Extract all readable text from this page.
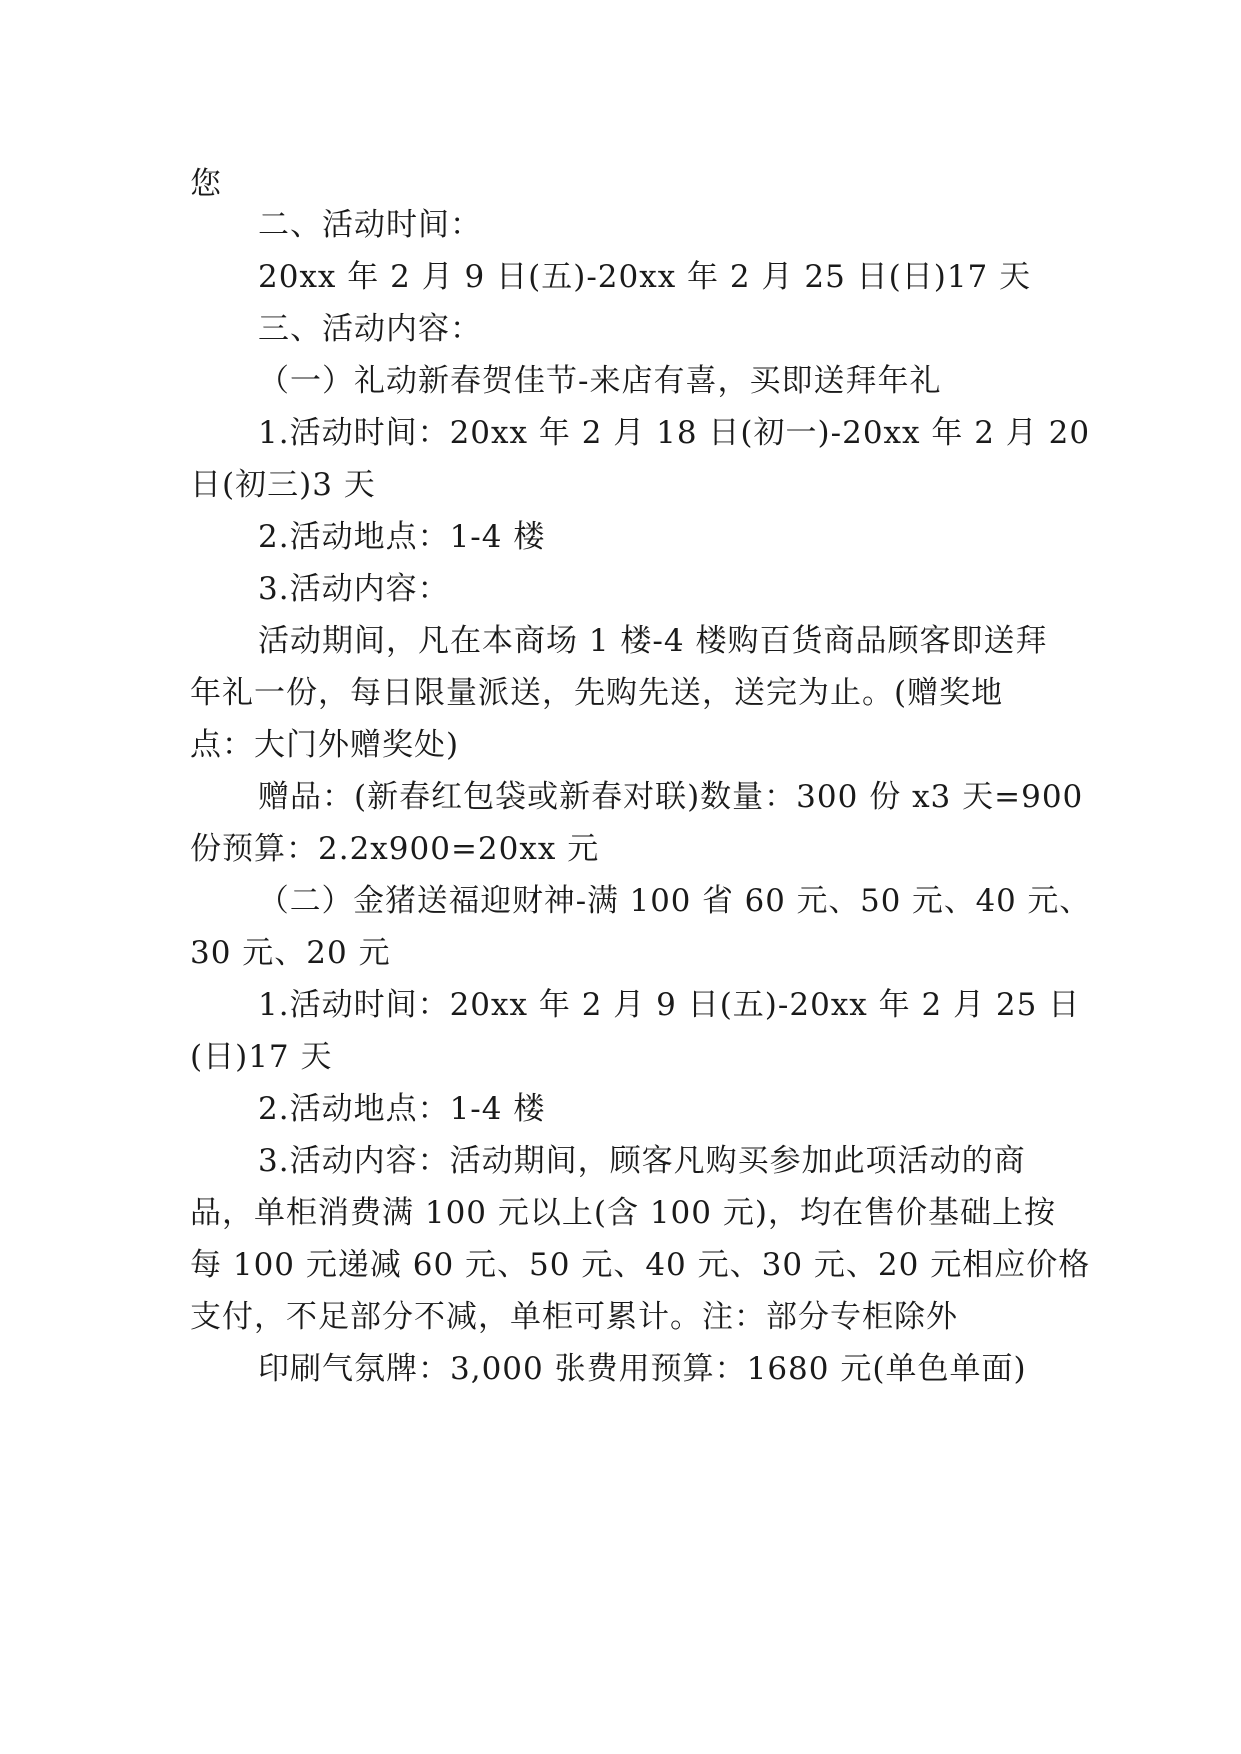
您
二、活动时间：
20xx 年 2 月 9 日(五)-20xx 年 2 月 25 日(日)17 天
三、活动内容：
（一）礼动新春贺佳节-来店有喜，买即送拜年礼
1.活动时间：20xx 年 2 月 18 日(初一)-20xx 年 2 月 20
日(初三)3 天
2.活动地点：1-4 楼
3.活动内容：
活动期间，凡在本商场 1 楼-4 楼购百货商品顾客即送拜
年礼一份，每日限量派送，先购先送，送完为止。(赠奖地
点：大门外赠奖处)
赠品：(新春红包袋或新春对联)数量：300 份 x3 天=900
份预算：2.2x900=20xx 元
（二）金猪送福迎财神-满 100 省 60 元、50 元、40 元、
30 元、20 元
1.活动时间：20xx 年 2 月 9 日(五)-20xx 年 2 月 25 日
(日)17 天
2.活动地点：1-4 楼
3.活动内容：活动期间，顾客凡购买参加此项活动的商
品，单柜消费满 100 元以上(含 100 元)，均在售价基础上按
每 100 元递减 60 元、50 元、40 元、30 元、20 元相应价格
支付，不足部分不减，单柜可累计。注：部分专柜除外
印刷气氛牌：3,000 张费用预算：1680 元(单色单面)
